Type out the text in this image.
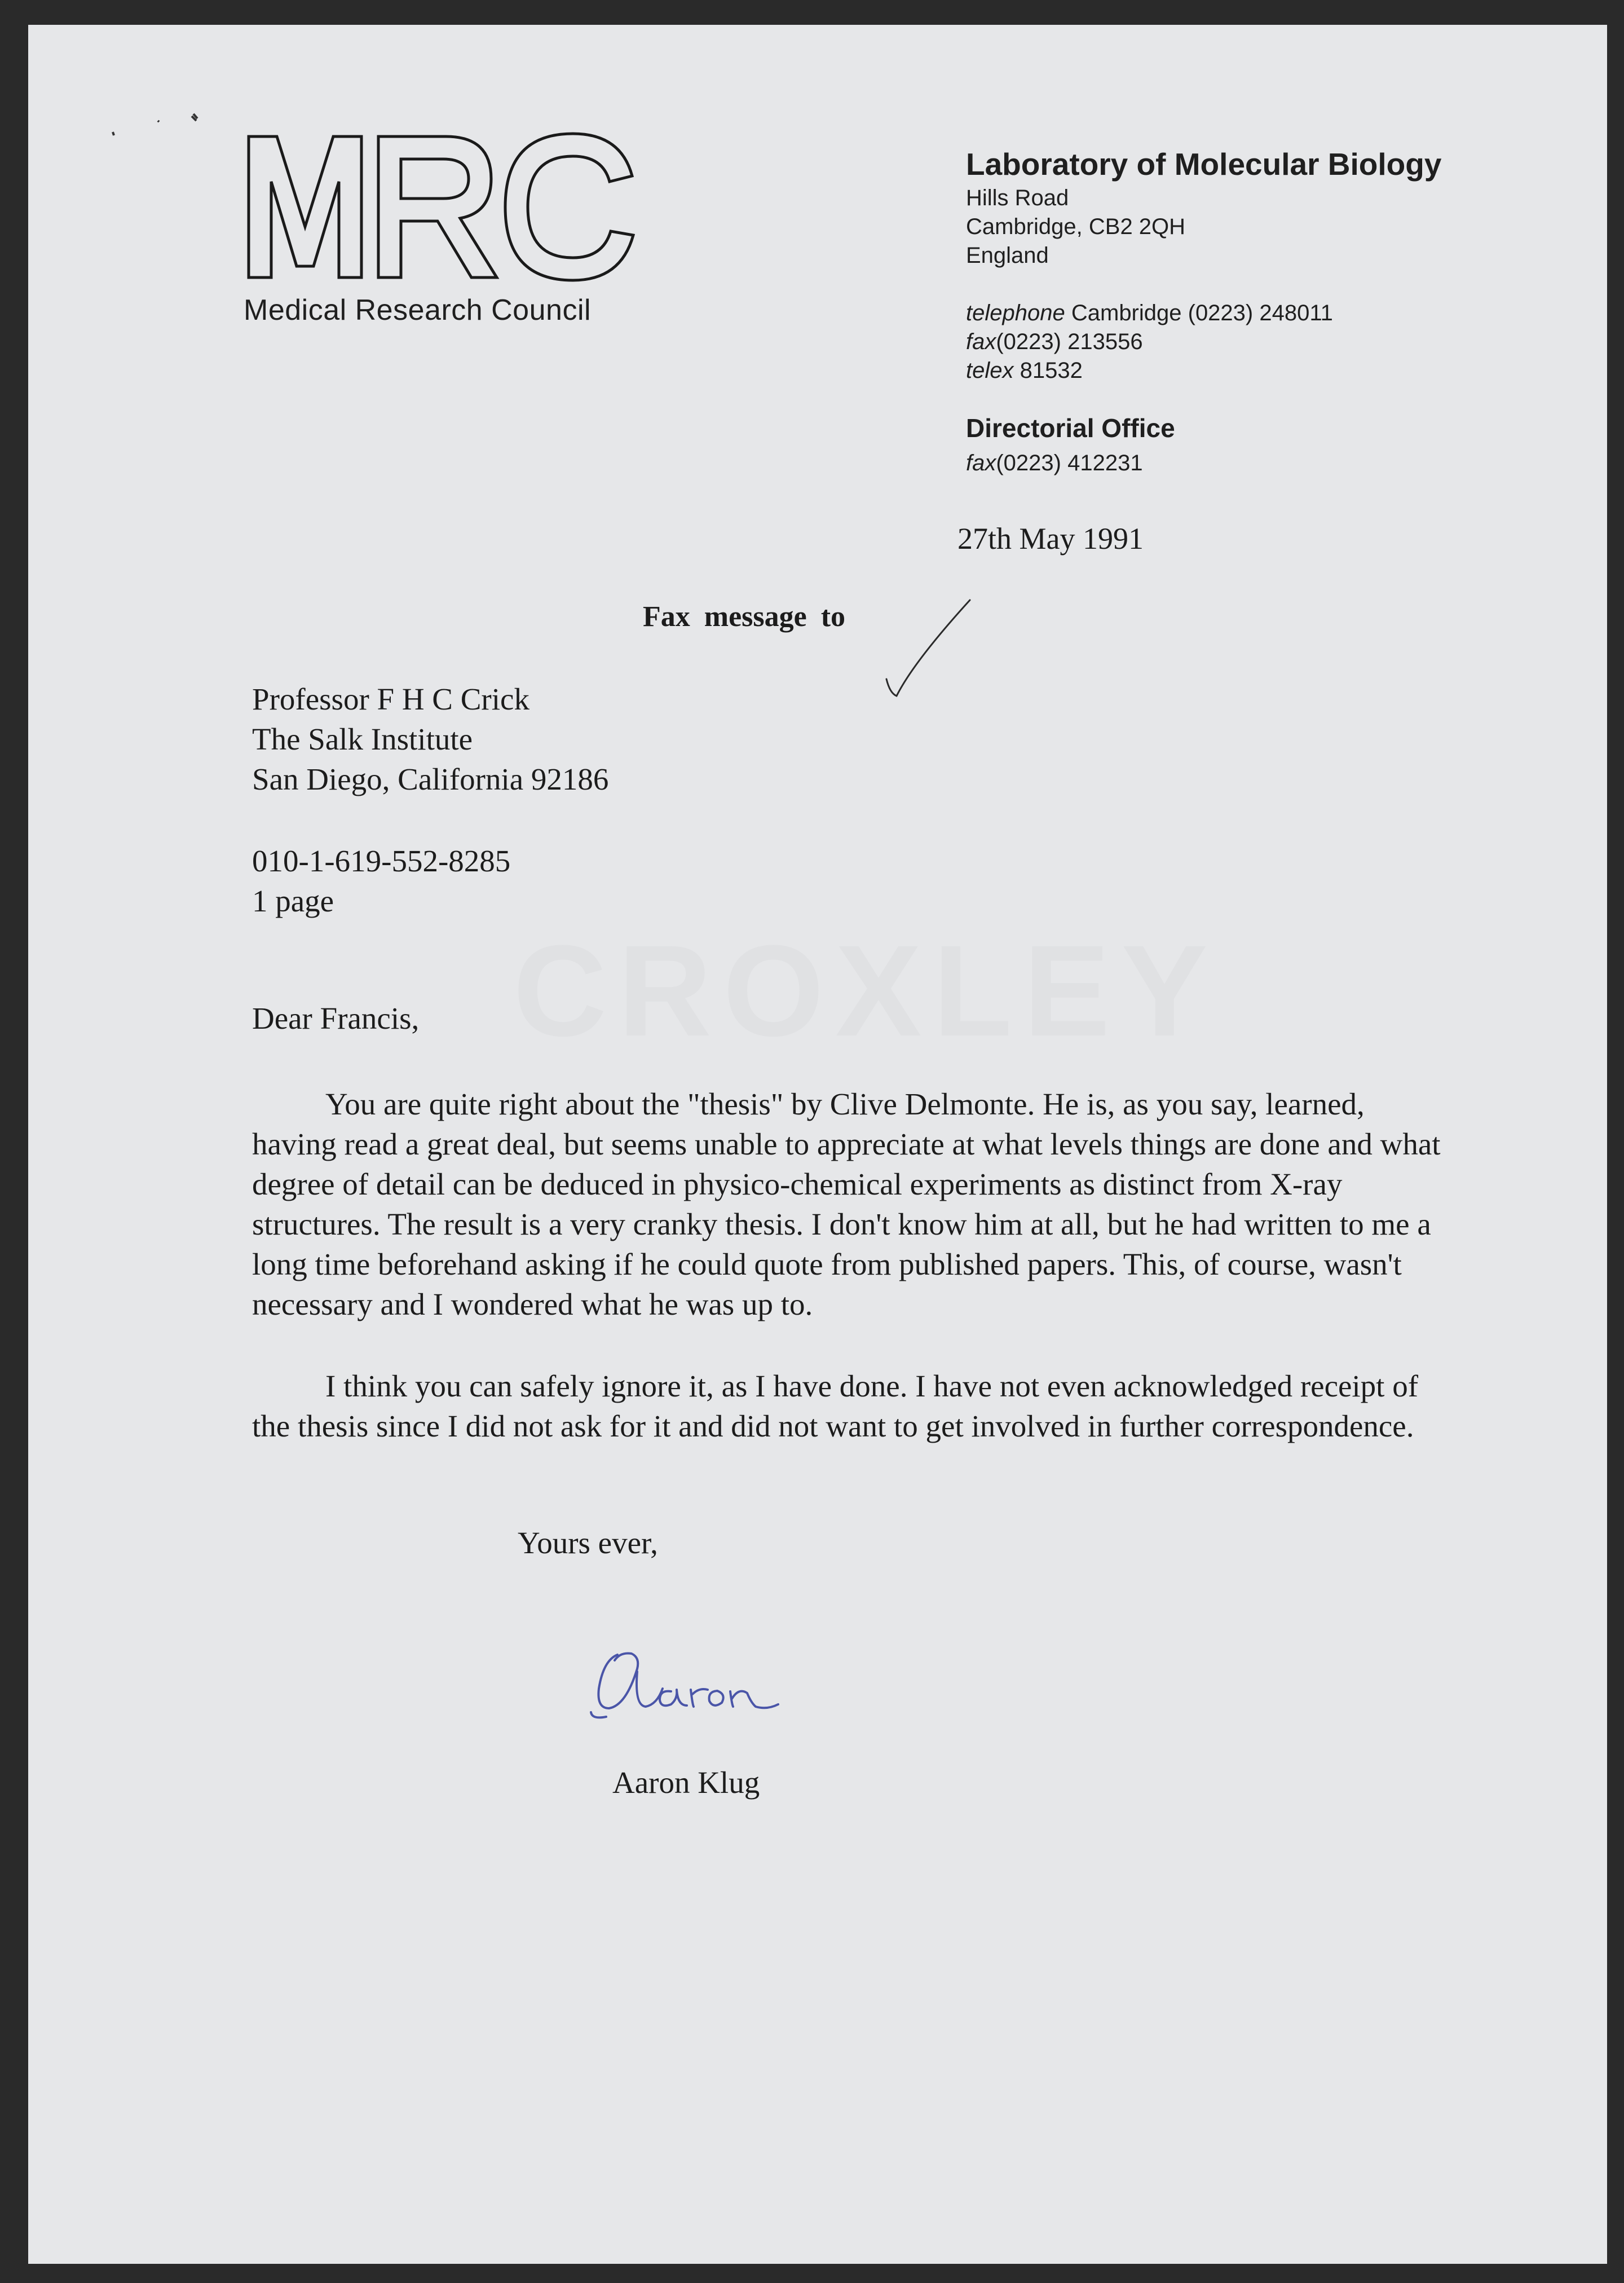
CROXLEY
Medical Research Council
Laboratory of Molecular Biology
Hills Road
Cambridge, CB2 2QH
England
telephone Cambridge (0223) 248011
fax(0223) 213556
telex 81532
Directorial Office
fax(0223) 412231
27th May 1991
Fax message to
Professor F H C Crick
The Salk Institute
San Diego, California 92186
010-1-619-552-8285
1 page
Dear Francis,
You are quite right about the "thesis" by Clive Delmonte. He is, as you say, learned, having read a great deal, but seems unable to appreciate at what levels things are done and what degree of detail can be deduced in physico-chemical experiments as distinct from X-ray structures. The result is a very cranky thesis. I don't know him at all, but he had written to me a long time beforehand asking if he could quote from published papers. This, of course, wasn't necessary and I wondered what he was up to.
I think you can safely ignore it, as I have done. I have not even acknowledged receipt of the thesis since I did not ask for it and did not want to get involved in further correspondence.
Yours ever,
Aaron Klug
